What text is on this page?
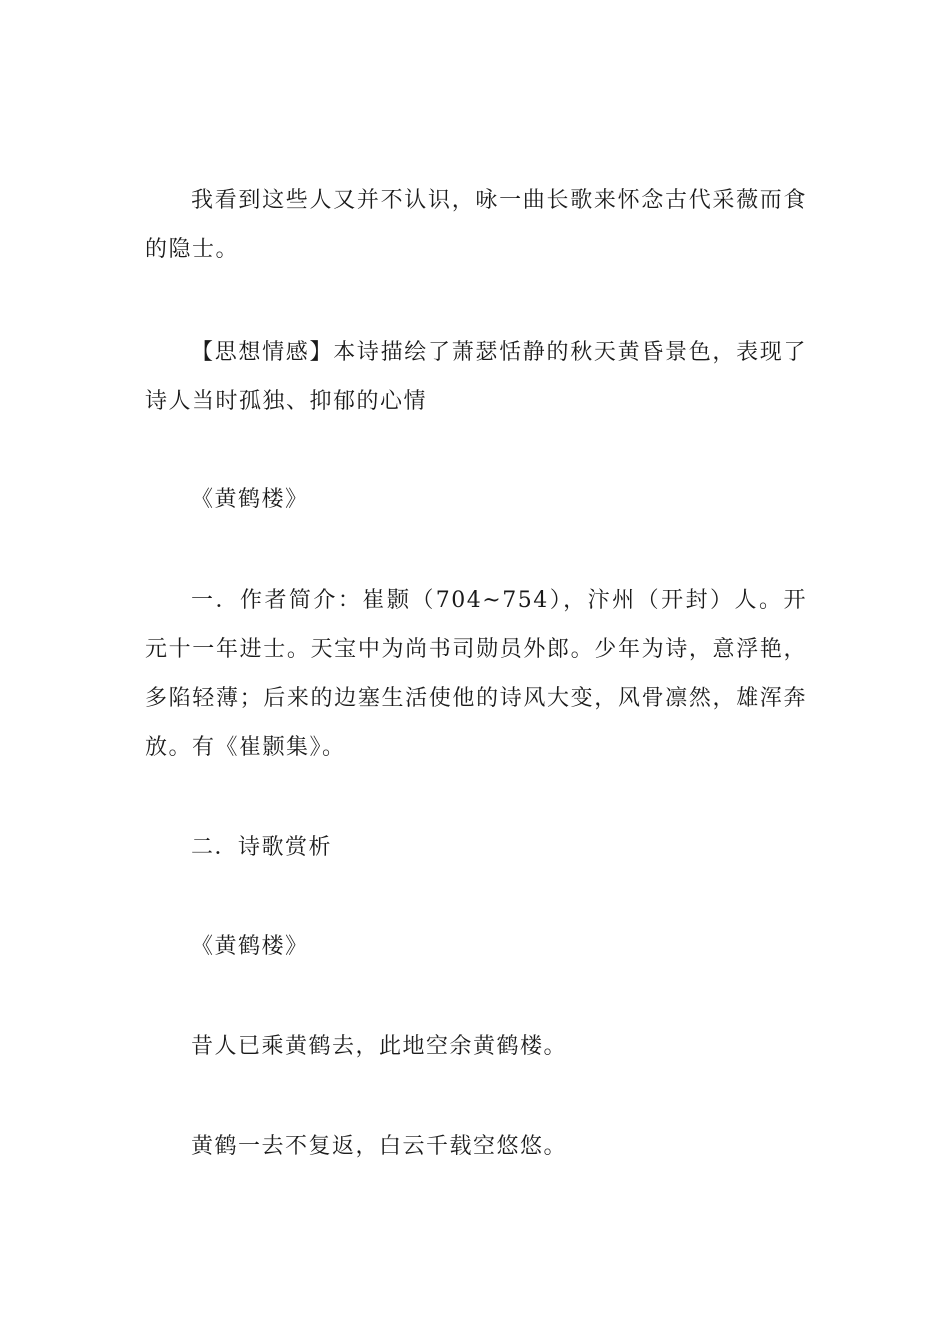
我看到这些人又并不认识，咏一曲长歌来怀念古代采薇而食的隐士。

【思想情感】本诗描绘了萧瑟恬静的秋天黄昏景色，表现了诗人当时孤独、抑郁的心情

《黄鹤楼》

一．作者简介：崔颢（704~754），汴州（开封）人。开元十一年进士。天宝中为尚书司勋员外郎。少年为诗，意浮艳，多陷轻薄；后来的边塞生活使他的诗风大变，风骨凛然，雄浑奔放。有《崔颢集》。

二．诗歌赏析

《黄鹤楼》

昔人已乘黄鹤去，此地空余黄鹤楼。

黄鹤一去不复返，白云千载空悠悠。
